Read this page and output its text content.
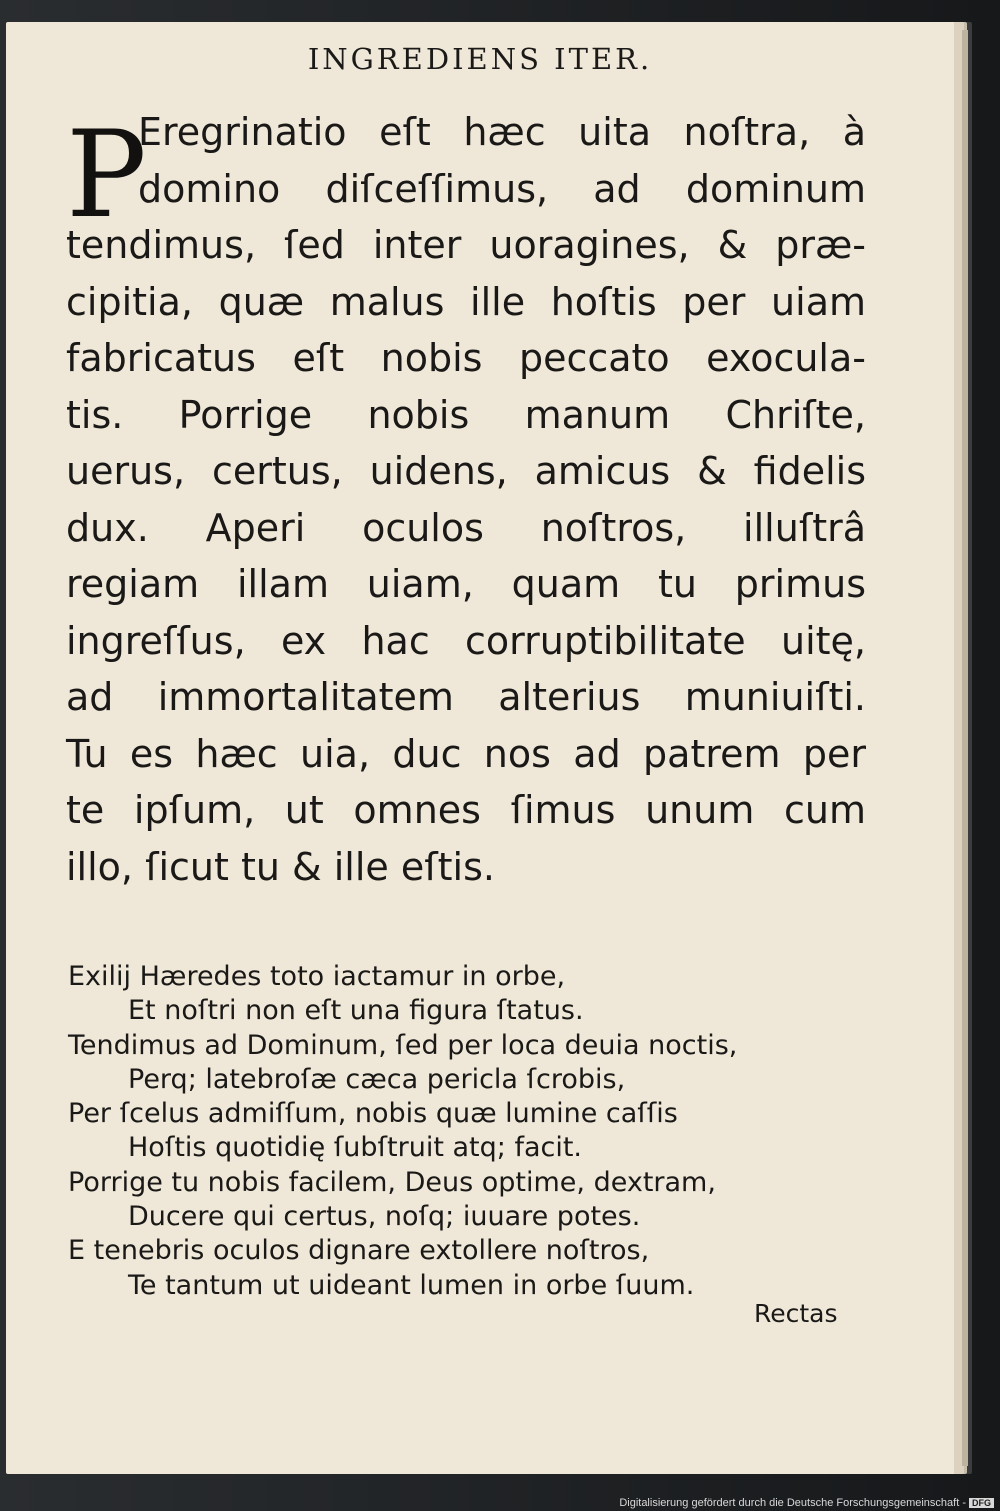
INGREDIENS ITER.
P
Eregrinatio eſt hæc uita noſtra, à
domino diſceſſimus, ad dominum
tendimus, ſed inter uoragines, & præ-
cipitia, quæ malus ille hoſtis per uiam
fabricatus eſt nobis peccato exocula-
tis. Porrige nobis manum Chriſte,
uerus, certus, uidens, amicus & fidelis
dux. Aperi oculos noſtros, illuſtrâ
regiam illam uiam, quam tu primus
ingreſſus, ex hac corruptibilitate uitę,
ad immortalitatem alterius muniuiſti.
Tu es hæc uia, duc nos ad patrem per
te ipſum, ut omnes ſimus unum cum
illo, ſicut tu & ille eſtis.
Exilij Hæredes toto iactamur in orbe,
Et noſtri non eſt una figura ſtatus.
Tendimus ad Dominum, ſed per loca deuia noctis,
Perq; latebroſæ cæca pericla ſcrobis,
Per ſcelus admiſſum, nobis quæ lumine caſſis
Hoſtis quotidię ſubſtruit atq; facit.
Porrige tu nobis facilem, Deus optime, dextram,
Ducere qui certus, noſq; iuuare potes.
E tenebris oculos dignare extollere noſtros,
Te tantum ut uideant lumen in orbe ſuum.
Rectas
Digitalisierung gefördert durch die Deutsche Forschungsgemeinschaft - DFG
